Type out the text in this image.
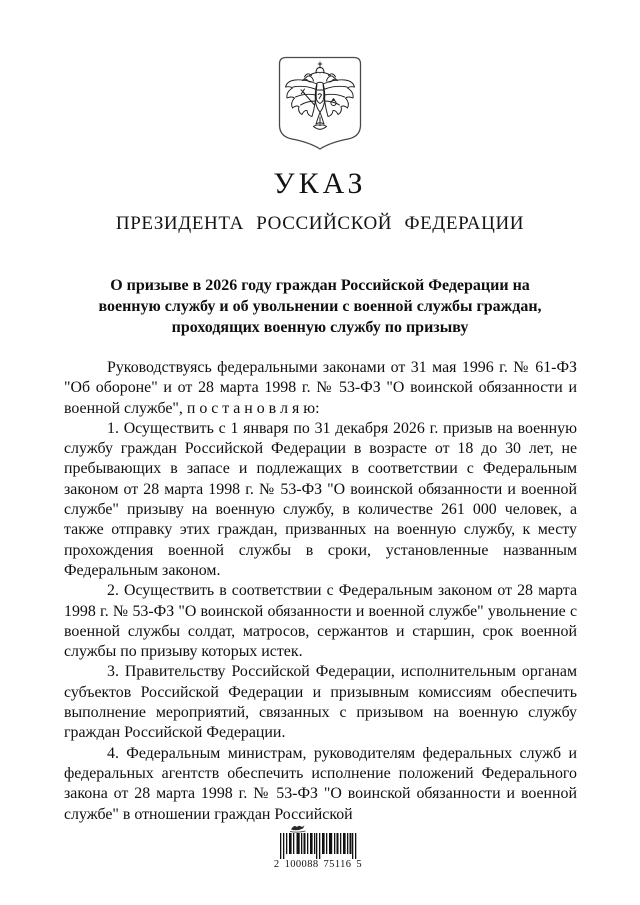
УКАЗ
ПРЕЗИДЕНТА РОССИЙСКОЙ ФЕДЕРАЦИИ
О призыве в 2026 году граждан Российской Федерации на
военную службу и об увольнении с военной службы граждан,
проходящих военную службу по призыву

Руководствуясь федеральными законами от 31 мая 1996 г. № 61-ФЗ "Об обороне" и от 28 марта 1998 г. № 53-ФЗ "О воинской обязанности и военной службе", п о с т а н о в л я ю:

1. Осуществить с 1 января по 31 декабря 2026 г. призыв на военную службу граждан Российской Федерации в возрасте от 18 до 30 лет, не пребывающих в запасе и подлежащих в соответствии с Федеральным законом от 28 марта 1998 г. № 53-ФЗ "О воинской обязанности и военной службе" призыву на военную службу, в количестве 261 000 человек, а также отправку этих граждан, призванных на военную службу, к месту прохождения военной службы в сроки, установленные названным Федеральным законом.

2. Осуществить в соответствии с Федеральным законом от 28 марта 1998 г. № 53-ФЗ "О воинской обязанности и военной службе" увольнение с военной службы солдат, матросов, сержантов и старшин, срок военной службы по призыву которых истек.

3. Правительству Российской Федерации, исполнительным органам субъектов Российской Федерации и призывным комиссиям обеспечить выполнение мероприятий, связанных с призывом на военную службу граждан Российской Федерации.

4. Федеральным министрам, руководителям федеральных служб и федеральных агентств обеспечить исполнение положений Федерального закона от 28 марта 1998 г. № 53-ФЗ "О воинской обязанности и военной службе" в отношении граждан Российской

2 100088 75116 5
